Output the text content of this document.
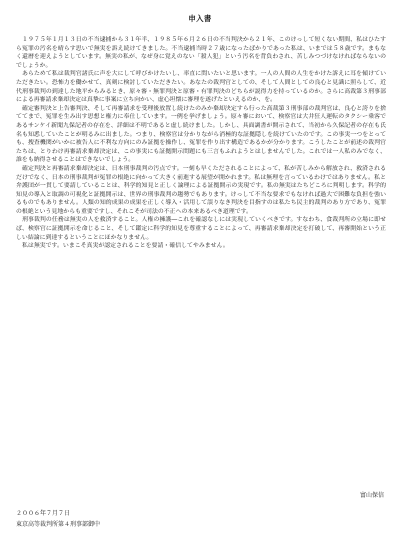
申入書

１９７５年１月１３日の不当逮捕から３１年半、１９８５年６月２６日の不当判決から２１年、このけっして短くない期間、私はひたすら冤罪の汚名を晴らす思いで無実を訴え続けてきました。不当逮捕当時２７歳になったばかりであった私は、いまでは５８歳です。まもなく還暦を迎えようとしています。無実の私が、なぜ身に覚えのない「殺人犯」という汚名を背負わされ、苦しみつづけなければならないのでしょうか。

あらためて私は裁判官諸氏に声を大にして呼びかけたいし、率直に問いたいと思います。一人の人間の人生をかけた訴えに耳を傾けていただきたい。恐怖力を働かせて、真剣に検討していただきたい。あなたの裁判官としての、そして人間としての良心と見識に照らして、近代刑事裁判の到達した地平からみるとき、原々審・無罪判決と原審・有罪判決のどちらが説得力を持っているのか。さらに高裁第３刑事部による再審請求棄却決定は真摯に事案に立ち向かい、虚心坦懐に審理を遂げたといえるのか、を。

確定審判決と上告審判決、そして再審請求を受理後放置し続けたのみか棄却決定すら行った高裁第３刑事部の裁判官は、良心と誇りを捨ててまで、冤罪を生み出す思想と権力に奉仕しています。一例を挙げましょう。原々審において、検察官は大井狂人運転のタクシー乗客であるサンケイ新聞九保記者の存在を、詳細は不明であると虚し続けました。しかし、具面調書が開示されて、当初から久保記者の存在も氏名も知悉していたことが明るみに出ました。つまり、検察官は分かりながら消極的な証拠隠しを続けていたのです。この事実一つをとっても、捜査機関がいかに被告人に不利な方向にのみ証拠を操作し、冤罪を作り出す構造であるかが分かります。こうしたことが前述の裁判官たちは、とりわけ再審請求棄却決定は、この事実にも証拠開示問題にも三言もふれようとはしませんでした。これでは一人私のみでなく、誰をも納得させることはできないでしょう。

確定判決と再審請求棄却決定は、日本刑事裁判の汚点です。一刻も早くただされることによって、私が苦しみから解放され、救済されるだけでなく、日本の刑事裁判が冤罪の根絶に向かって大きく前進する展望が開かれます。私は無理を言っているわけではありません。私と弁護団が一貫して要請していることは、科学的知見と正しく論理による証拠開示の実現です。私の無実はたちどころに判明します。科学的知見の導入と取調の可視化と証拠開示は、世界の刑事裁判の趨勢でもあります。けっして不当な要求でもなければ過大で困難な負担を強いるものでもありません。人類の知的成果の成果を正しく導入・活用して誤りなき判決を目指すのは私たち民主的裁判のあり方であり、冤罪の根絶という見地からも重要ですし、それこそが司法の不正への本来あるべき道理です。

刑事裁判の任務は無実の人を救済すること。人権の擁護―これを確認なしには実現していくべきです。すなわち、食裁判所の立場に即せば、検察官に証拠開示を命じること、そして鑑定に科学的知見を尊重することによって、再審請求棄却決定を打破して、再審開始という正しい結論に到達するということにほかなりません。

私は無実です。いまこそ真実が認定されることを要請・確信してやみません。

富山保信
２００６年７月７日
東京高等裁判所第４刑事部御中
